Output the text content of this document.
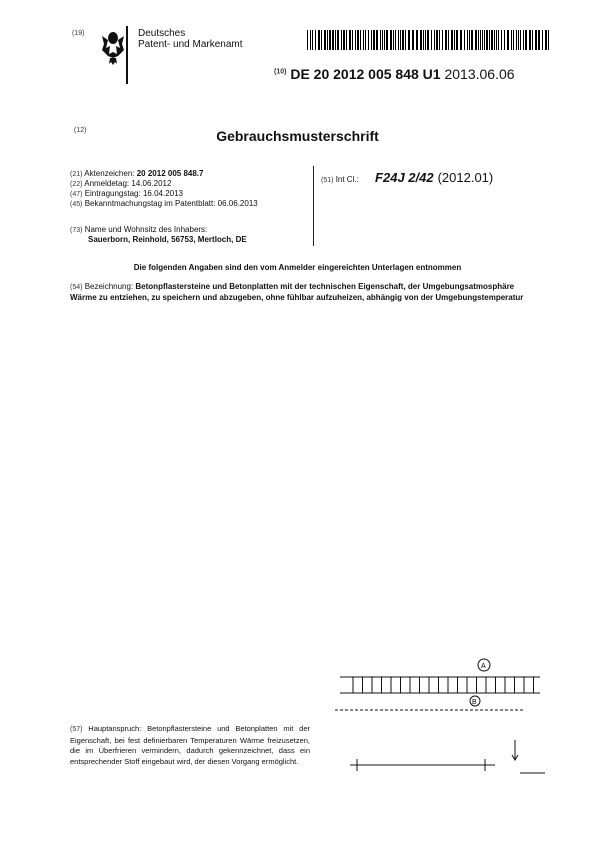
(19)	Deutsches
Patent- und Markenamt
$^{(10)}$ DE 20 2012 005 848 U1 2013.06.06
(12)	Gebrauchsmusterschrift
(21) Aktenzeichen: 20 2012 005 848.7
(22) Anmeldetag: 14.06.2012
(47) Eintragungstag: 16.04.2013
(45) Bekanntmachungstag im Patentblatt: 06.06.2013
(51) Int Cl.: F24J 2/42 (2012.01)
(73) Name und Wohnsitz des Inhabers:
Sauerborn, Reinhold, 56753, Mertloch, DE
Die folgenden Angaben sind den vom Anmelder eingereichten Unterlagen entnommen
(54) Bezeichnung: Betonpflastersteine und Betonplatten mit der technischen Eigenschaft, der Umgebungsatmosphäre Wärme zu entziehen, zu speichern und abzugeben, ohne fühlbar aufzuheizen, abhängig von der Umgebungstemperatur
A
B
(57) Hauptanspruch: Betonpflastersteine und Betonplatten mit der Eigenschaft, bei fest definierbaren Temperaturen Wärme freizusetzen, die im Überfrieren vermindern, dadurch gekennzeichnet, dass ein entsprechender Stoff eingebaut wird, der diesen Vorgang ermöglicht.
